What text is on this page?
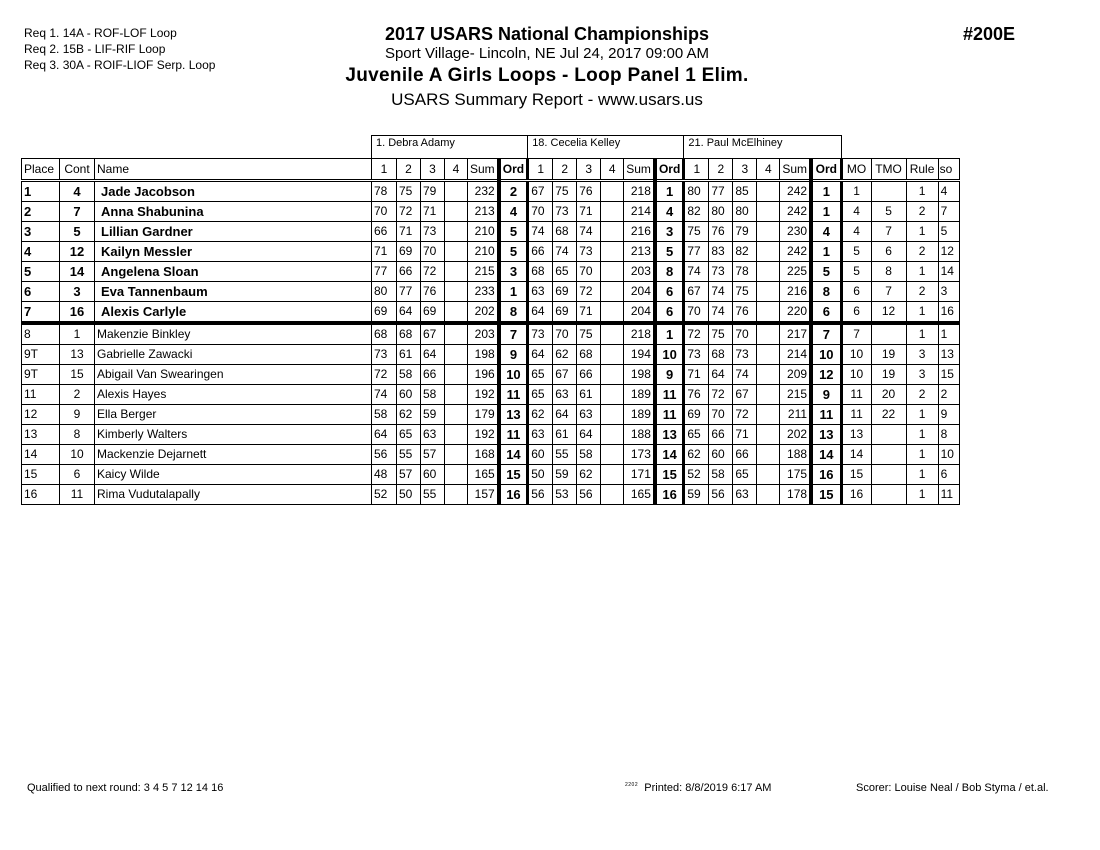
Req 1. 14A - ROF-LOF Loop
Req 2. 15B - LIF-RIF Loop
Req 3. 30A - ROIF-LIOF Serp. Loop
2017 USARS National Championships
Sport Village- Lincoln, NE Jul 24, 2017 09:00 AM
Juvenile A Girls Loops - Loop Panel 1 Elim.
USARS Summary Report - www.usars.us
#200E
			1. Debra Adamy						18. Cecelia Kelley						21. Paul McElhiney									
Place	Cont	Name	1	2	3	4	Sum	Ord	1	2	3	4	Sum	Ord	1	2	3	4	Sum	Ord	MO	TMO	Rule	so
1	4	Jade Jacobson	78	75	79		232	2	67	75	76		218	1	80	77	85		242	1	1		1	4
2	7	Anna Shabunina	70	72	71		213	4	70	73	71		214	4	82	80	80		242	1	4	5	2	7
3	5	Lillian Gardner	66	71	73		210	5	74	68	74		216	3	75	76	79		230	4	4	7	1	5
4	12	Kailyn Messler	71	69	70		210	5	66	74	73		213	5	77	83	82		242	1	5	6	2	12
5	14	Angelena Sloan	77	66	72		215	3	68	65	70		203	8	74	73	78		225	5	5	8	1	14
6	3	Eva Tannenbaum	80	77	76		233	1	63	69	72		204	6	67	74	75		216	8	6	7	2	3
7	16	Alexis Carlyle	69	64	69		202	8	64	69	71		204	6	70	74	76		220	6	6	12	1	16
8	1	Makenzie Binkley	68	68	67		203	7	73	70	75		218	1	72	75	70		217	7	7		1	1
9T	13	Gabrielle Zawacki	73	61	64		198	9	64	62	68		194	10	73	68	73		214	10	10	19	3	13
9T	15	Abigail Van Swearingen	72	58	66		196	10	65	67	66		198	9	71	64	74		209	12	10	19	3	15
11	2	Alexis Hayes	74	60	58		192	11	65	63	61		189	11	76	72	67		215	9	11	20	2	2
12	9	Ella Berger	58	62	59		179	13	62	64	63		189	11	69	70	72		211	11	11	22	1	9
13	8	Kimberly Walters	64	65	63		192	11	63	61	64		188	13	65	66	71		202	13	13		1	8
14	10	Mackenzie Dejarnett	56	55	57		168	14	60	55	58		173	14	62	60	66		188	14	14		1	10
15	6	Kaicy Wilde	48	57	60		165	15	50	59	62		171	15	52	58	65		175	16	15		1	6
16	11	Rima Vudutalapally	52	50	55		157	16	56	53	56		165	16	59	56	63		178	15	16		1	11
Qualified to next round: 3 4 5 7 12 14 16	$^{2202}$ Printed: 8/8/2019 6:17 AM	Scorer: Louise Neal / Bob Styma / et.al.
